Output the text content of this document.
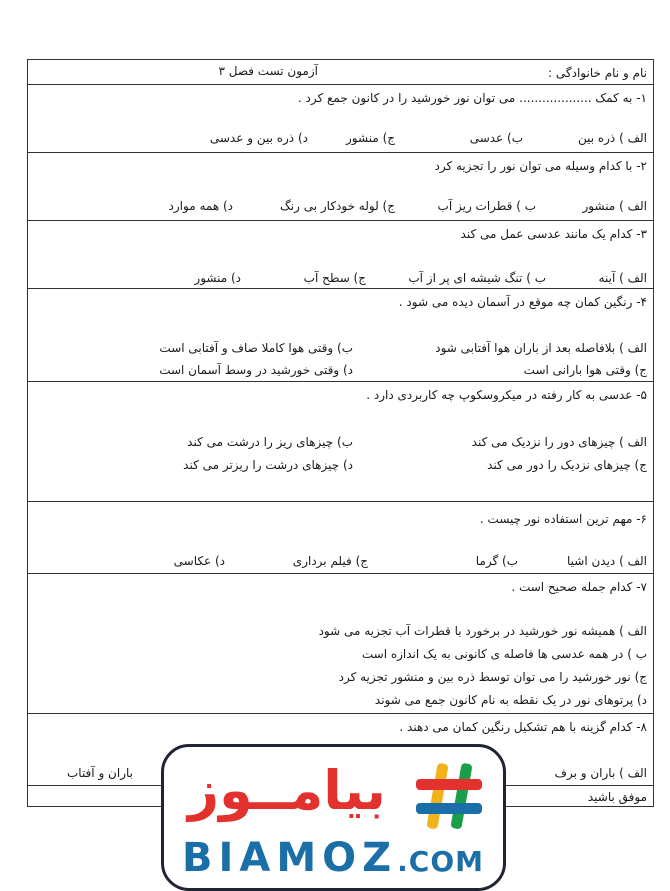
نام و نام خانوادگی :
آزمون تست فصل ۳
۱- به کمک ................... می توان نور خورشید را در کانون جمع کرد .
الف ) ذره بین
ب) عدسی
ج) منشور
د) ذره بین و عدسی
۲- با کدام وسیله می توان نور را تجزیه کرد
الف ) منشور
ب ) قطرات ریز آب
ج) لوله خودکار بی رنگ
د) همه موارد
۳- کدام یک مانند عدسی عمل می کند
الف ) آینه
ب ) تنگ شیشه ای پر از آب
ج) سطح آب
د) منشور
۴- رنگین کمان چه موقع در آسمان دیده می شود .
الف ) بلافاصله بعد از باران هوا آفتابی شود
ب) وقتی هوا کاملا صاف و آفتابی است
ج) وقتی هوا بارانی است
د) وقتی خورشید در وسط آسمان است
۵- عدسی به کار رفته در میکروسکوپ چه کاربردی دارد .
الف ) چیزهای دور را نزدیک می کند
ب) چیزهای ریز را درشت می کند
ج) چیزهای نزدیک را دور می کند
د) چیزهای درشت را ریزتر می کند
۶- مهم ترین استفاده نور چیست .
الف ) دیدن اشیا
ب) گرما
ج) فیلم برداری
د) عکاسی
۷- کدام جمله صحیح است .
الف ) همیشه نور خورشید در برخورد با قطرات آب تجزیه می شود
ب ) در همه عدسی ها فاصله ی کانونی به یک اندازه است
ج) نور خورشید را می توان توسط ذره بین و منشور تجزیه کرد
د) پرتوهای نور در یک نقطه به نام کانون جمع می شوند
۸- کدام گزینه با هم تشکیل رنگین کمان می دهند .
الف ) باران و برف
باران و آفتاب
موفق باشید
بیامــوز
BIAMOZ.COM
